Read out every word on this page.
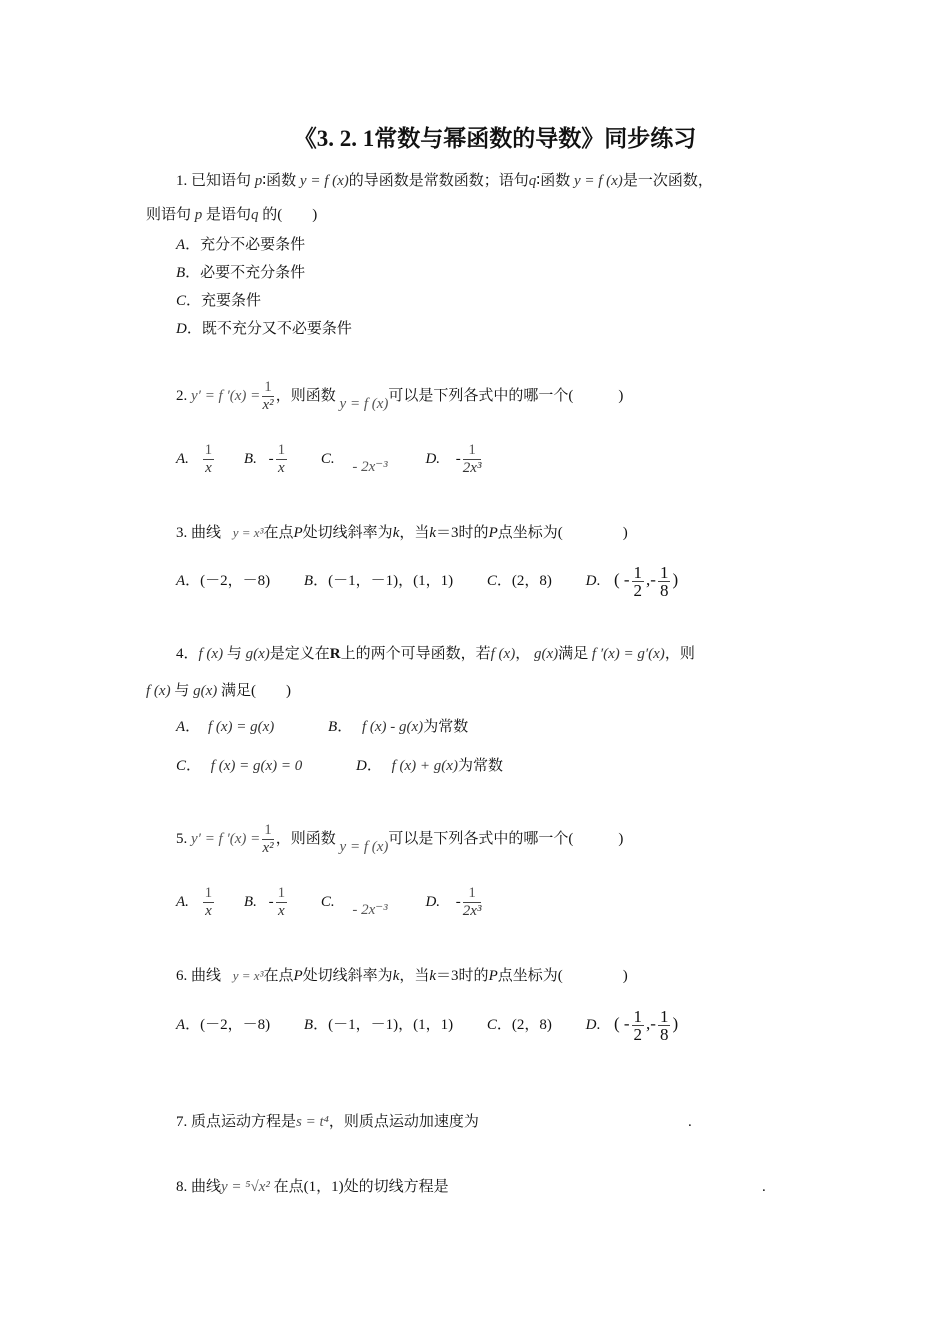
《3. 2. 1常数与幂函数的导数》同步练习
1. 已知语句 p∶函数 y = f (x)的导函数是常数函数；语句q∶函数 y = f (x)是一次函数，
则语句 p 是语句q 的(　　)
A．充分不必要条件
B．必要不充分条件
C．充要条件
D．既不充分又不必要条件
2. y′ = f $'(x) = \frac{1}{\text{x²}}$ ，则函数 y = f (x)可以是下列各式中的哪一个(　　　)
A. $\frac{1}{x} B$. - $\frac{1}{x} C$. - 2x⁻³	D. - $\frac{1}{\text{2x³}}$
3. 曲线 y = x³在点P处切线斜率为k，当k＝3时的P点坐标为(　　　　)
A．(－2，－8) B．(－1，－1)，(1，1) C．(2，8) D. ( - $\frac{1}{2}$ ,- $\frac{1}{8}$ )
4．f (x) 与 g(x)是定义在R上的两个可导函数，若f (x)， g(x)满足 f ′(x) = g′(x)，则
f (x) 与 g(x) 满足(　　)
A． f (x) = g(x)	B． f (x) - g(x)为常数
C． f (x) = g(x) = 0	D． f (x) + g(x)为常数
5. y′ = f $'(x) = \frac{1}{\text{x²}}$ ，则函数 y = f (x)可以是下列各式中的哪一个(　　　)
A. $\frac{1}{x} B$. - $\frac{1}{x} C$. - 2x⁻³	D. - $\frac{1}{\text{2x³}}$
6. 曲线 y = x³在点P处切线斜率为k，当k＝3时的P点坐标为(　　　　)
A．(－2，－8) B．(－1，－1)，(1，1) C．(2，8) D. ( - $\frac{1}{2}$ ,- $\frac{1}{8}$ )
7. 质点运动方程是s = t⁴，则质点运动加速度为	.
8. 曲线y = ⁵√x² 在点(1，1)处的切线方程是	.
